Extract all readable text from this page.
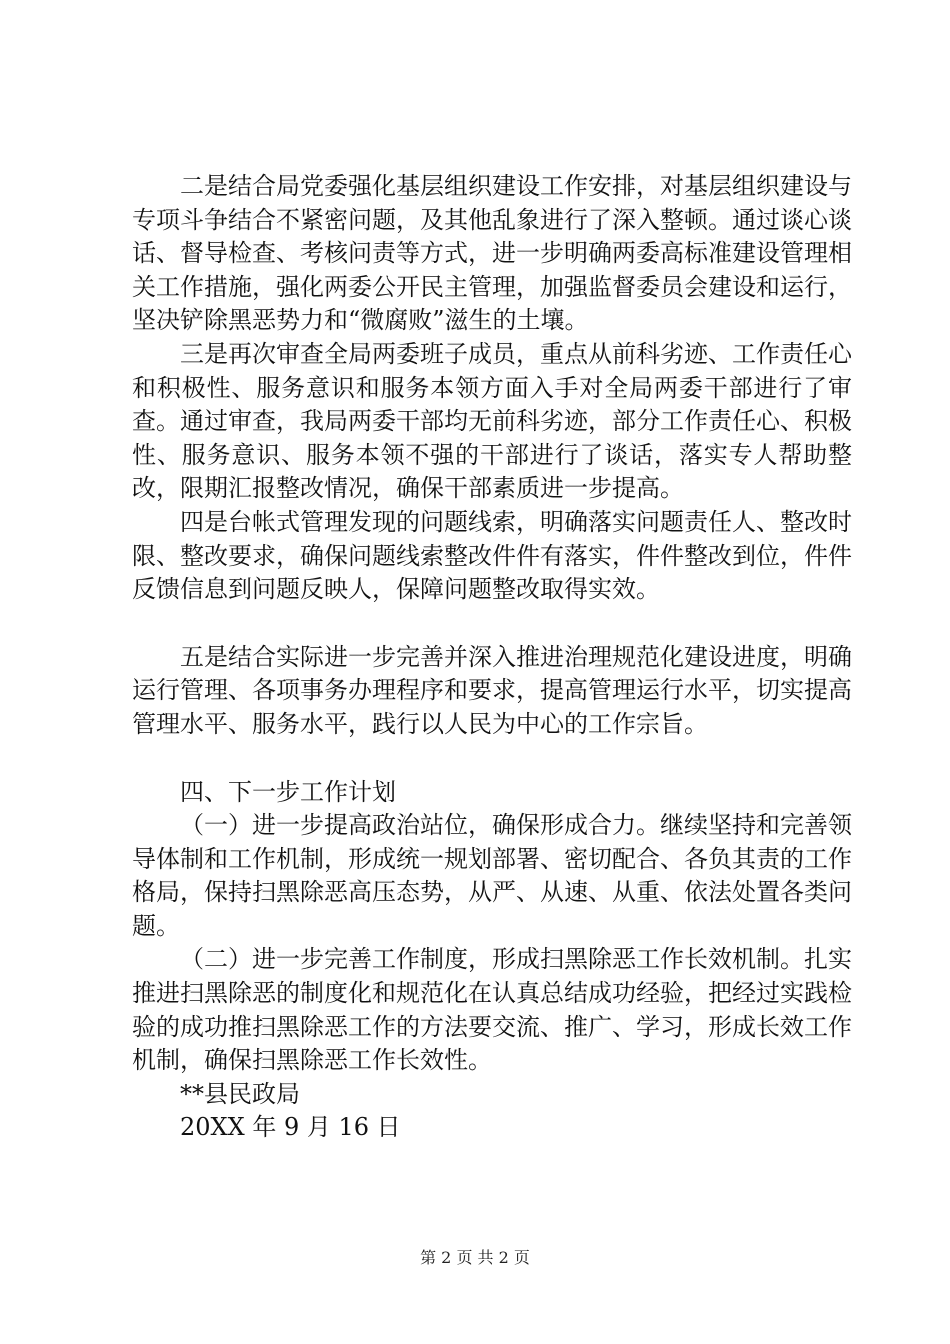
二是结合局党委强化基层组织建设工作安排，对基层组织建设与专项斗争结合不紧密问题，及其他乱象进行了深入整顿。通过谈心谈话、督导检查、考核问责等方式，进一步明确两委高标准建设管理相关工作措施，强化两委公开民主管理，加强监督委员会建设和运行，坚决铲除黑恶势力和“微腐败”滋生的土壤。

三是再次审查全局两委班子成员，重点从前科劣迹、工作责任心和积极性、服务意识和服务本领方面入手对全局两委干部进行了审查。通过审查，我局两委干部均无前科劣迹，部分工作责任心、积极性、服务意识、服务本领不强的干部进行了谈话，落实专人帮助整改，限期汇报整改情况，确保干部素质进一步提高。

四是台帐式管理发现的问题线索，明确落实问题责任人、整改时限、整改要求，确保问题线索整改件件有落实，件件整改到位，件件反馈信息到问题反映人，保障问题整改取得实效。

五是结合实际进一步完善并深入推进治理规范化建设进度，明确运行管理、各项事务办理程序和要求，提高管理运行水平，切实提高管理水平、服务水平，践行以人民为中心的工作宗旨。

四、下一步工作计划

（一）进一步提高政治站位，确保形成合力。继续坚持和完善领导体制和工作机制，形成统一规划部署、密切配合、各负其责的工作格局，保持扫黑除恶高压态势，从严、从速、从重、依法处置各类问题。

（二）进一步完善工作制度，形成扫黑除恶工作长效机制。扎实推进扫黑除恶的制度化和规范化在认真总结成功经验，把经过实践检验的成功推扫黑除恶工作的方法要交流、推广、学习，形成长效工作机制，确保扫黑除恶工作长效性。

**县民政局

20XX 年 9 月 16 日

第 2 页 共 2 页
